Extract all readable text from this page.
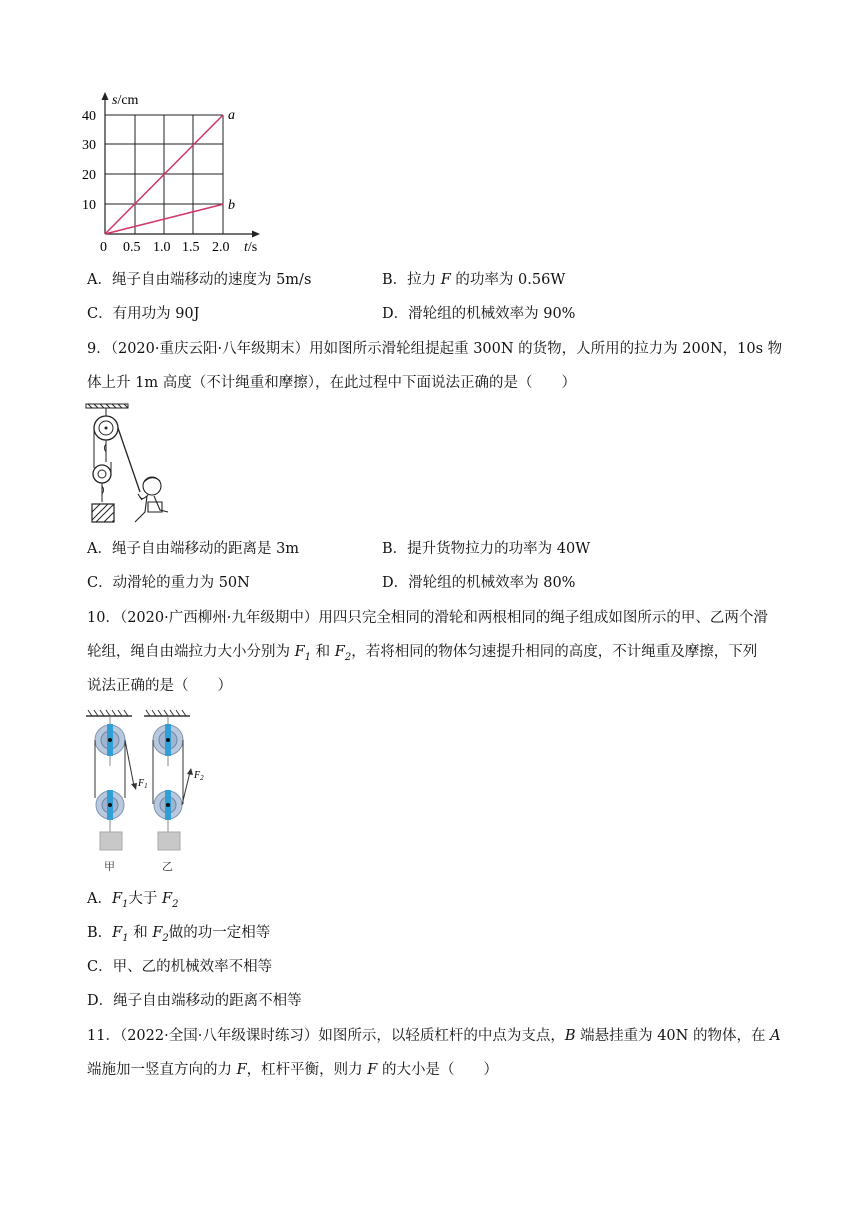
s/cm
10
20
30
40
0 0.5 1.0 1.5 2.0 t/s
a
b
A．绳子自由端移动的速度为 5m/s	B．拉力 F 的功率为 0.56W
C．有用功为 90J	D．滑轮组的机械效率为 90%
9．（2020·重庆云阳·八年级期末）用如图所示滑轮组提起重 300N 的货物，人所用的拉力为 200N，10s 物
体上升 1m 高度（不计绳重和摩擦），在此过程中下面说法正确的是（　　）
A．绳子自由端移动的距离是 3m	B．提升货物拉力的功率为 40W
C．动滑轮的重力为 50N	D．滑轮组的机械效率为 80%
10．（2020·广西柳州·九年级期中）用四只完全相同的滑轮和两根相同的绳子组成如图所示的甲、乙两个滑
轮组，绳自由端拉力大小分别为 $F_1$ 和 $F_2$，若将相同的物体匀速提升相同的高度，不计绳重及摩擦，下列
说法正确的是（　　）
$F_1$
$F_2$
甲	乙
A．$F_1$大于 $F_2$
B．$F_1$ 和 $F_2$做的功一定相等
C．甲、乙的机械效率不相等
D．绳子自由端移动的距离不相等
11．（2022·全国·八年级课时练习）如图所示，以轻质杠杆的中点为支点，B 端悬挂重为 40N 的物体，在 A
端施加一竖直方向的力 F，杠杆平衡，则力 F 的大小是（　　）
